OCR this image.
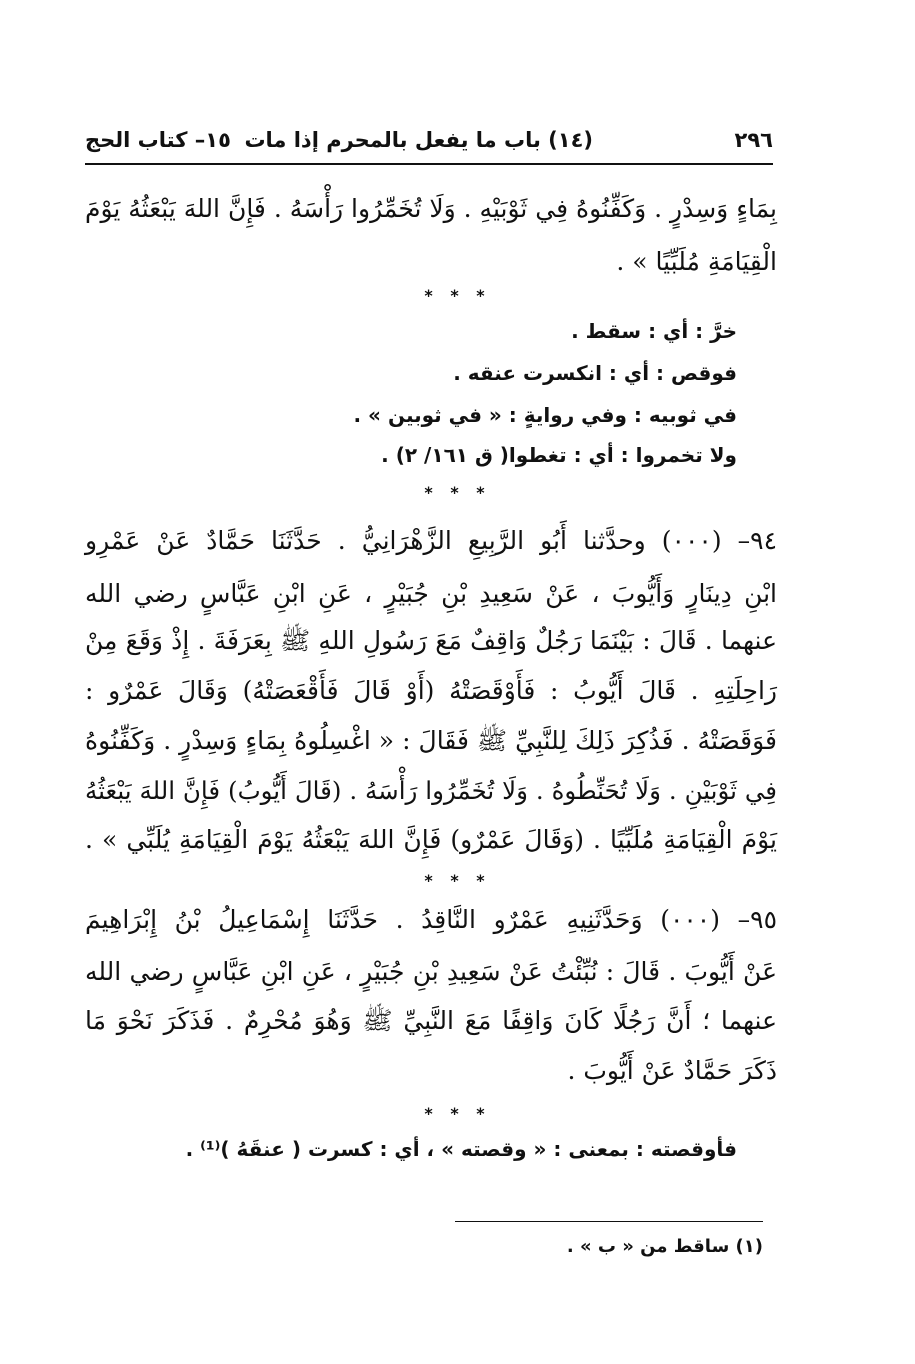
٢٩٦
(١٤) باب ما يفعل بالمحرم إذا مات
١٥– كتاب الحج
بِمَاءٍ وَسِدْرٍ . وَكَفِّنُوهُ فِي ثَوْبَيْهِ . وَلَا تُخَمِّرُوا رَأْسَهُ . فَإِنَّ اللهَ يَبْعَثُهُ يَوْمَ
الْقِيَامَةِ مُلَبِّيًا » .
* * *
خرَّ : أي : سقط .
فوقص : أي : انكسرت عنقه .
في ثوبيه : وفي روايةٍ : « في ثوبين » .
ولا تخمروا : أي : تغطوا( ق ١٦١/ ٢) .
* * *
٩٤– (٠٠٠) وحدَّثنا أَبُو الرَّبِيعِ الزَّهْرَانِيُّ . حَدَّثَنَا حَمَّادٌ عَنْ عَمْرِو
ابْنِ دِينَارٍ وَأَيُّوبَ ، عَنْ سَعِيدِ بْنِ جُبَيْرٍ ، عَنِ ابْنِ عَبَّاسٍ رضي الله
عنهما . قَالَ : بَيْنَمَا رَجُلٌ وَاقِفٌ مَعَ رَسُولِ اللهِ ﷺ بِعَرَفَةَ . إِذْ وَقَعَ مِنْ
رَاحِلَتِهِ . قَالَ أَيُّوبُ : فَأَوْقَصَتْهُ (أَوْ قَالَ فَأَقْعَصَتْهُ) وَقَالَ عَمْرٌو :
فَوَقَصَتْهُ . فَذُكِرَ ذَلِكَ لِلنَّبِيِّ ﷺ فَقَالَ : « اغْسِلُوهُ بِمَاءٍ وَسِدْرٍ . وَكَفِّنُوهُ
فِي ثَوْبَيْنِ . وَلَا تُحَنِّطُوهُ . وَلَا تُخَمِّرُوا رَأْسَهُ . (قَالَ أَيُّوبُ) فَإِنَّ اللهَ يَبْعَثُهُ
يَوْمَ الْقِيَامَةِ مُلَبِّيًا . (وَقَالَ عَمْرٌو) فَإِنَّ اللهَ يَبْعَثُهُ يَوْمَ الْقِيَامَةِ يُلَبِّي » .
* * *
٩٥– (٠٠٠) وَحَدَّثَنِيهِ عَمْرٌو النَّاقِدُ . حَدَّثَنَا إِسْمَاعِيلُ بْنُ إِبْرَاهِيمَ
عَنْ أَيُّوبَ . قَالَ : نُبِّئْتُ عَنْ سَعِيدِ بْنِ جُبَيْرٍ ، عَنِ ابْنِ عَبَّاسٍ رضي الله
عنهما ؛ أَنَّ رَجُلًا كَانَ وَاقِفًا مَعَ النَّبِيِّ ﷺ وَهُوَ مُحْرِمٌ . فَذَكَرَ نَحْوَ مَا
ذَكَرَ حَمَّادٌ عَنْ أَيُّوبَ .
* * *
فأوقصته : بمعنى : « وقصته » ، أي : كسرت ( عنقَهُ )⁽¹⁾ .
(١) ساقط من « ب » .
